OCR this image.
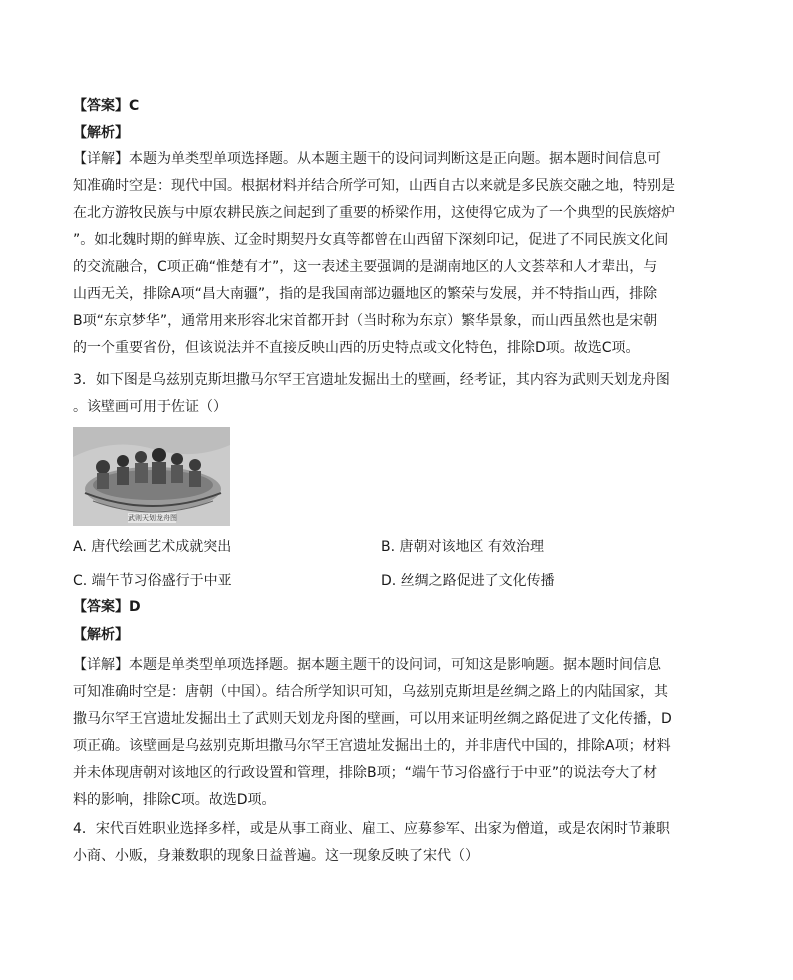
【答案】C
【解析】
【详解】本题为单类型单项选择题。从本题主题干的设问词判断这是正向题。据本题时间信息可
知准确时空是：现代中国。根据材料并结合所学可知，山西自古以来就是多民族交融之地，特别是
在北方游牧民族与中原农耕民族之间起到了重要的桥梁作用，这使得它成为了一个典型的民族熔炉
”。如北魏时期的鲜卑族、辽金时期契丹女真等都曾在山西留下深刻印记，促进了不同民族文化间
的交流融合，C项正确“惟楚有才”，这一表述主要强调的是湖南地区的人文荟萃和人才辈出，与
山西无关，排除A项“昌大南疆”，指的是我国南部边疆地区的繁荣与发展，并不特指山西，排除
B项“东京梦华”，通常用来形容北宋首都开封（当时称为东京）繁华景象，而山西虽然也是宋朝
的一个重要省份，但该说法并不直接反映山西的历史特点或文化特色，排除D项。故选C项。
3．如下图是乌兹别克斯坦撒马尔罕王宫遗址发掘出土的壁画，经考证，其内容为武则天划龙舟图
。该壁画可用于佐证（）
武则天划龙舟图
A. 唐代绘画艺术成就突出	B. 唐朝对该地区 有效治理
C. 端午节习俗盛行于中亚	D. 丝绸之路促进了文化传播
【答案】D
【解析】
【详解】本题是单类型单项选择题。据本题主题干的设问词，可知这是影响题。据本题时间信息
可知准确时空是：唐朝（中国）。结合所学知识可知，乌兹别克斯坦是丝绸之路上的内陆国家，其
撒马尔罕王宫遗址发掘出土了武则天划龙舟图的壁画，可以用来证明丝绸之路促进了文化传播，D
项正确。该壁画是乌兹别克斯坦撒马尔罕王宫遗址发掘出土的，并非唐代中国的，排除A项；材料
并未体现唐朝对该地区的行政设置和管理，排除B项；“端午节习俗盛行于中亚”的说法夸大了材
料的影响，排除C项。故选D项。
4．宋代百姓职业选择多样，或是从事工商业、雇工、应募参军、出家为僧道，或是农闲时节兼职
小商、小贩，身兼数职的现象日益普遍。这一现象反映了宋代（）
